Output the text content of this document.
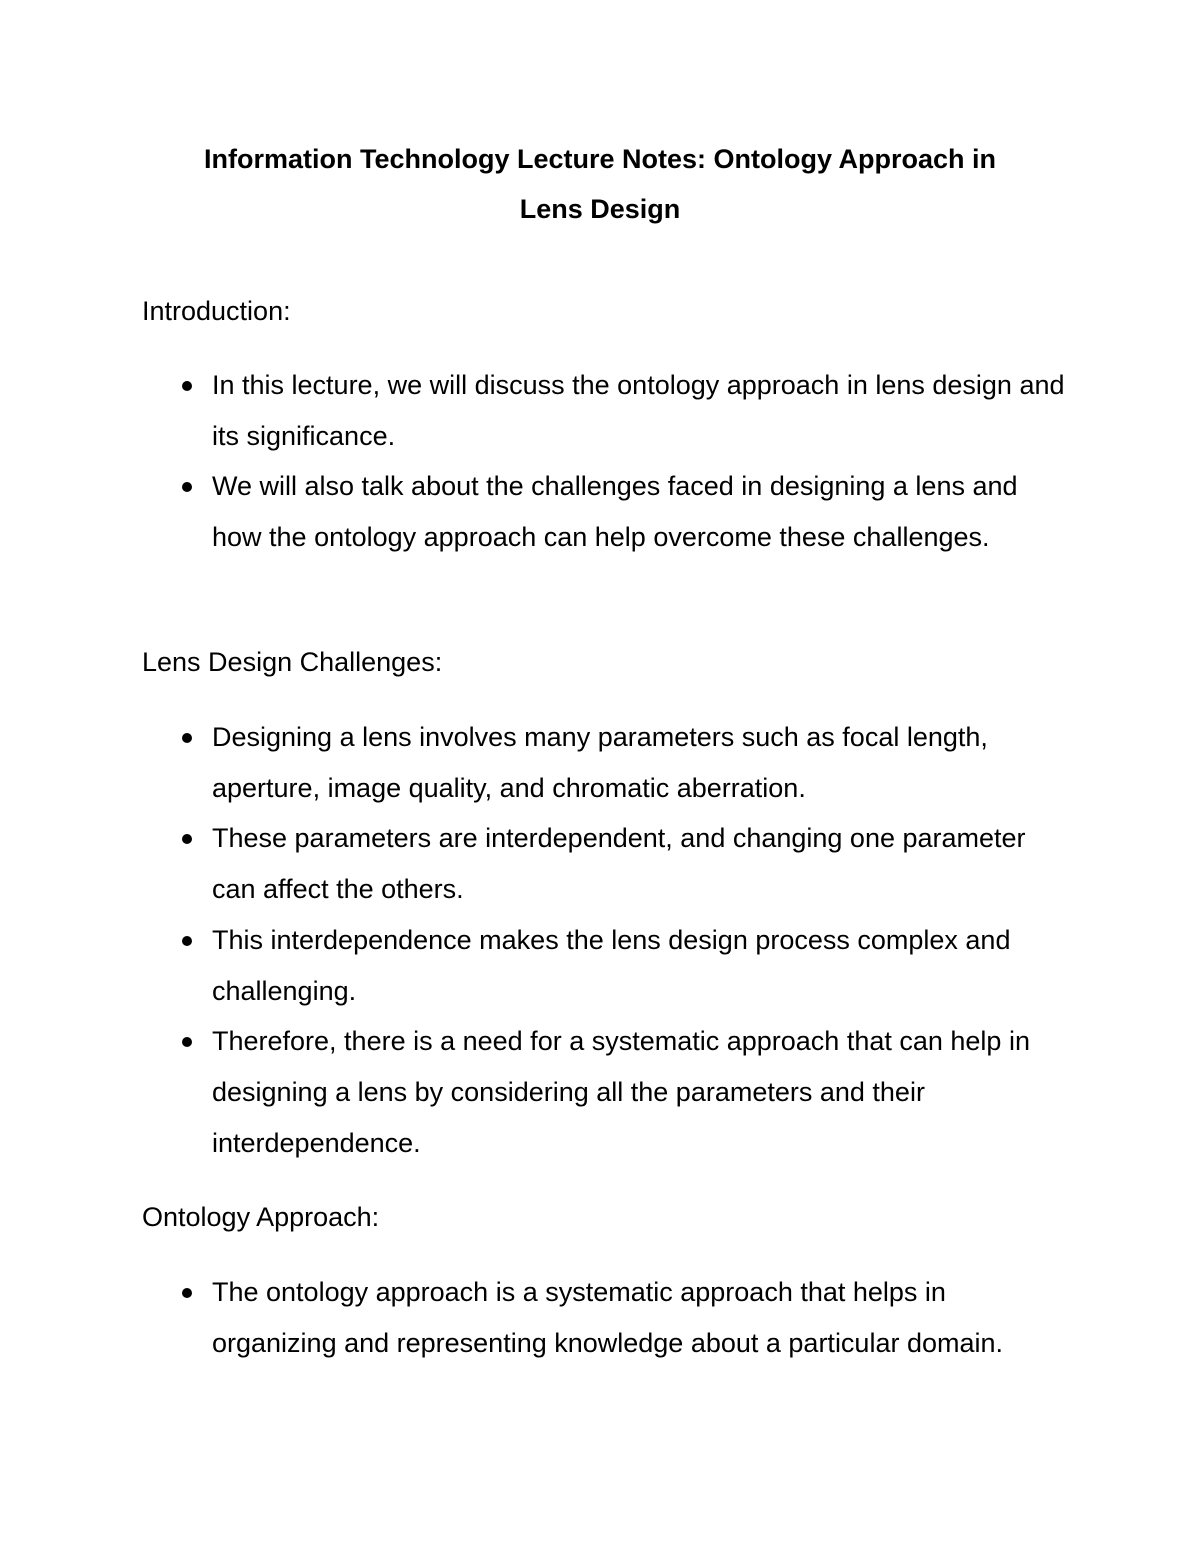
Information Technology Lecture Notes: Ontology Approach in
Lens Design
Introduction:
In this lecture, we will discuss the ontology approach in lens design and its significance.
We will also talk about the challenges faced in designing a lens and how the ontology approach can help overcome these challenges.
Lens Design Challenges:
Designing a lens involves many parameters such as focal length, aperture, image quality, and chromatic aberration.
These parameters are interdependent, and changing one parameter can affect the others.
This interdependence makes the lens design process complex and challenging.
Therefore, there is a need for a systematic approach that can help in designing a lens by considering all the parameters and their interdependence.
Ontology Approach:
The ontology approach is a systematic approach that helps in organizing and representing knowledge about a particular domain.
